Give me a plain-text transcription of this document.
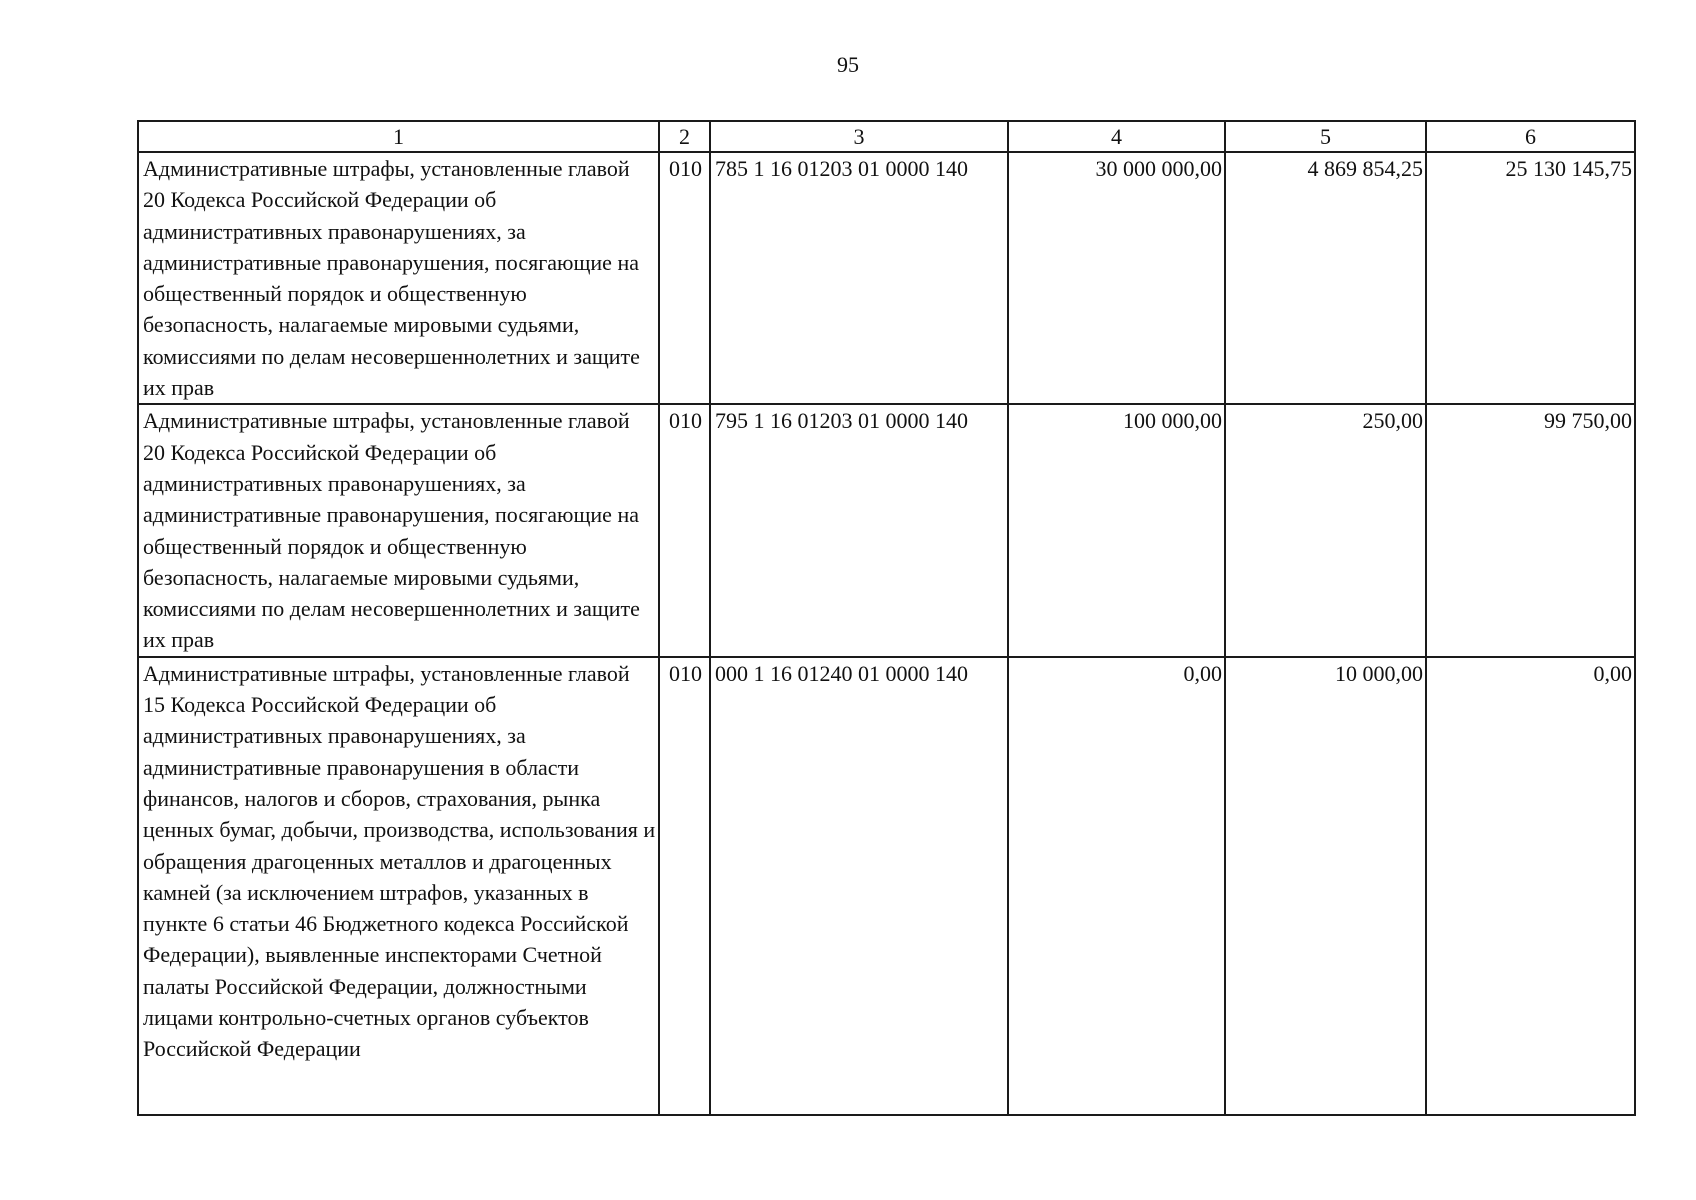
95
1	2	3	4	5	6
Административные штрафы, установленные главой 20 Кодекса Российской Федерации об административных правонарушениях, за административные правонарушения, посягающие на общественный порядок и общественную безопасность, налагаемые мировыми судьями, комиссиями по делам несовершеннолетних и защите их прав	010	785 1 16 01203 01 0000 140	30 000 000,00	4 869 854,25	25 130 145,75
Административные штрафы, установленные главой 20 Кодекса Российской Федерации об административных правонарушениях, за административные правонарушения, посягающие на общественный порядок и общественную безопасность, налагаемые мировыми судьями, комиссиями по делам несовершеннолетних и защите их прав	010	795 1 16 01203 01 0000 140	100 000,00	250,00	99 750,00
Административные штрафы, установленные главой 15 Кодекса Российской Федерации об административных правонарушениях, за административные правонарушения в области финансов, налогов и сборов, страхования, рынка ценных бумаг, добычи, производства, использования и обращения драгоценных металлов и драгоценных камней (за исключением штрафов, указанных в пункте 6 статьи 46 Бюджетного кодекса Российской Федерации), выявленные инспекторами Счетной палаты Российской Федерации, должностными лицами контрольно-счетных органов субъектов Российской Федерации	010	000 1 16 01240 01 0000 140	0,00	10 000,00	0,00
